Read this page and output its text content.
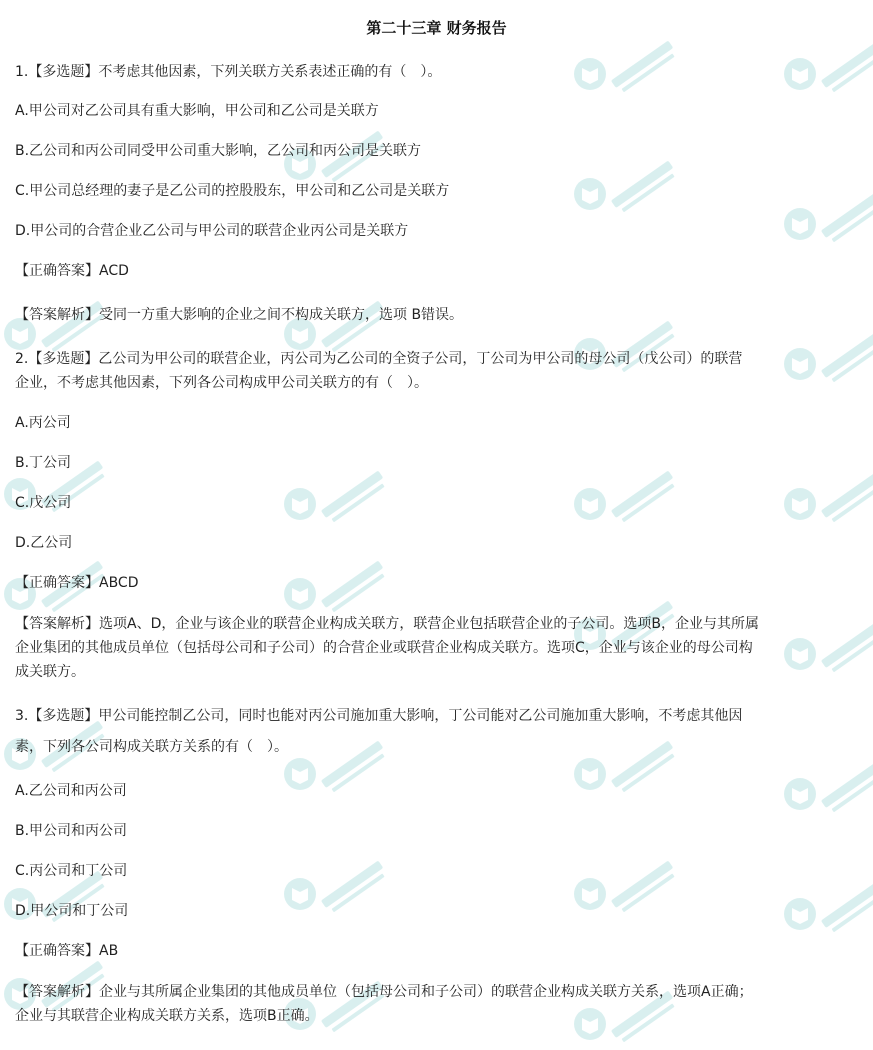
第二十三章 财务报告
1.【多选题】不考虑其他因素，下列关联方关系表述正确的有（　）。
A.甲公司对乙公司具有重大影响，甲公司和乙公司是关联方
B.乙公司和丙公司同受甲公司重大影响，乙公司和丙公司是关联方
C.甲公司总经理的妻子是乙公司的控股股东，甲公司和乙公司是关联方
D.甲公司的合营企业乙公司与甲公司的联营企业丙公司是关联方
【正确答案】ACD
【答案解析】受同一方重大影响的企业之间不构成关联方，选项 B错误。
2.【多选题】乙公司为甲公司的联营企业，丙公司为乙公司的全资子公司，丁公司为甲公司的母公司（戊公司）的联营
企业，不考虑其他因素，下列各公司构成甲公司关联方的有（　）。
A.丙公司
B.丁公司
C.戊公司
D.乙公司
【正确答案】ABCD
【答案解析】选项A、D，企业与该企业的联营企业构成关联方，联营企业包括联营企业的子公司。选项B，企业与其所属
企业集团的其他成员单位（包括母公司和子公司）的合营企业或联营企业构成关联方。选项C，企业与该企业的母公司构
成关联方。
3.【多选题】甲公司能控制乙公司，同时也能对丙公司施加重大影响，丁公司能对乙公司施加重大影响，不考虑其他因
素，下列各公司构成关联方关系的有（　）。
A.乙公司和丙公司
B.甲公司和丙公司
C.丙公司和丁公司
D.甲公司和丁公司
【正确答案】AB
【答案解析】企业与其所属企业集团的其他成员单位（包括母公司和子公司）的联营企业构成关联方关系，选项A正确；
企业与其联营企业构成关联方关系，选项B正确。
